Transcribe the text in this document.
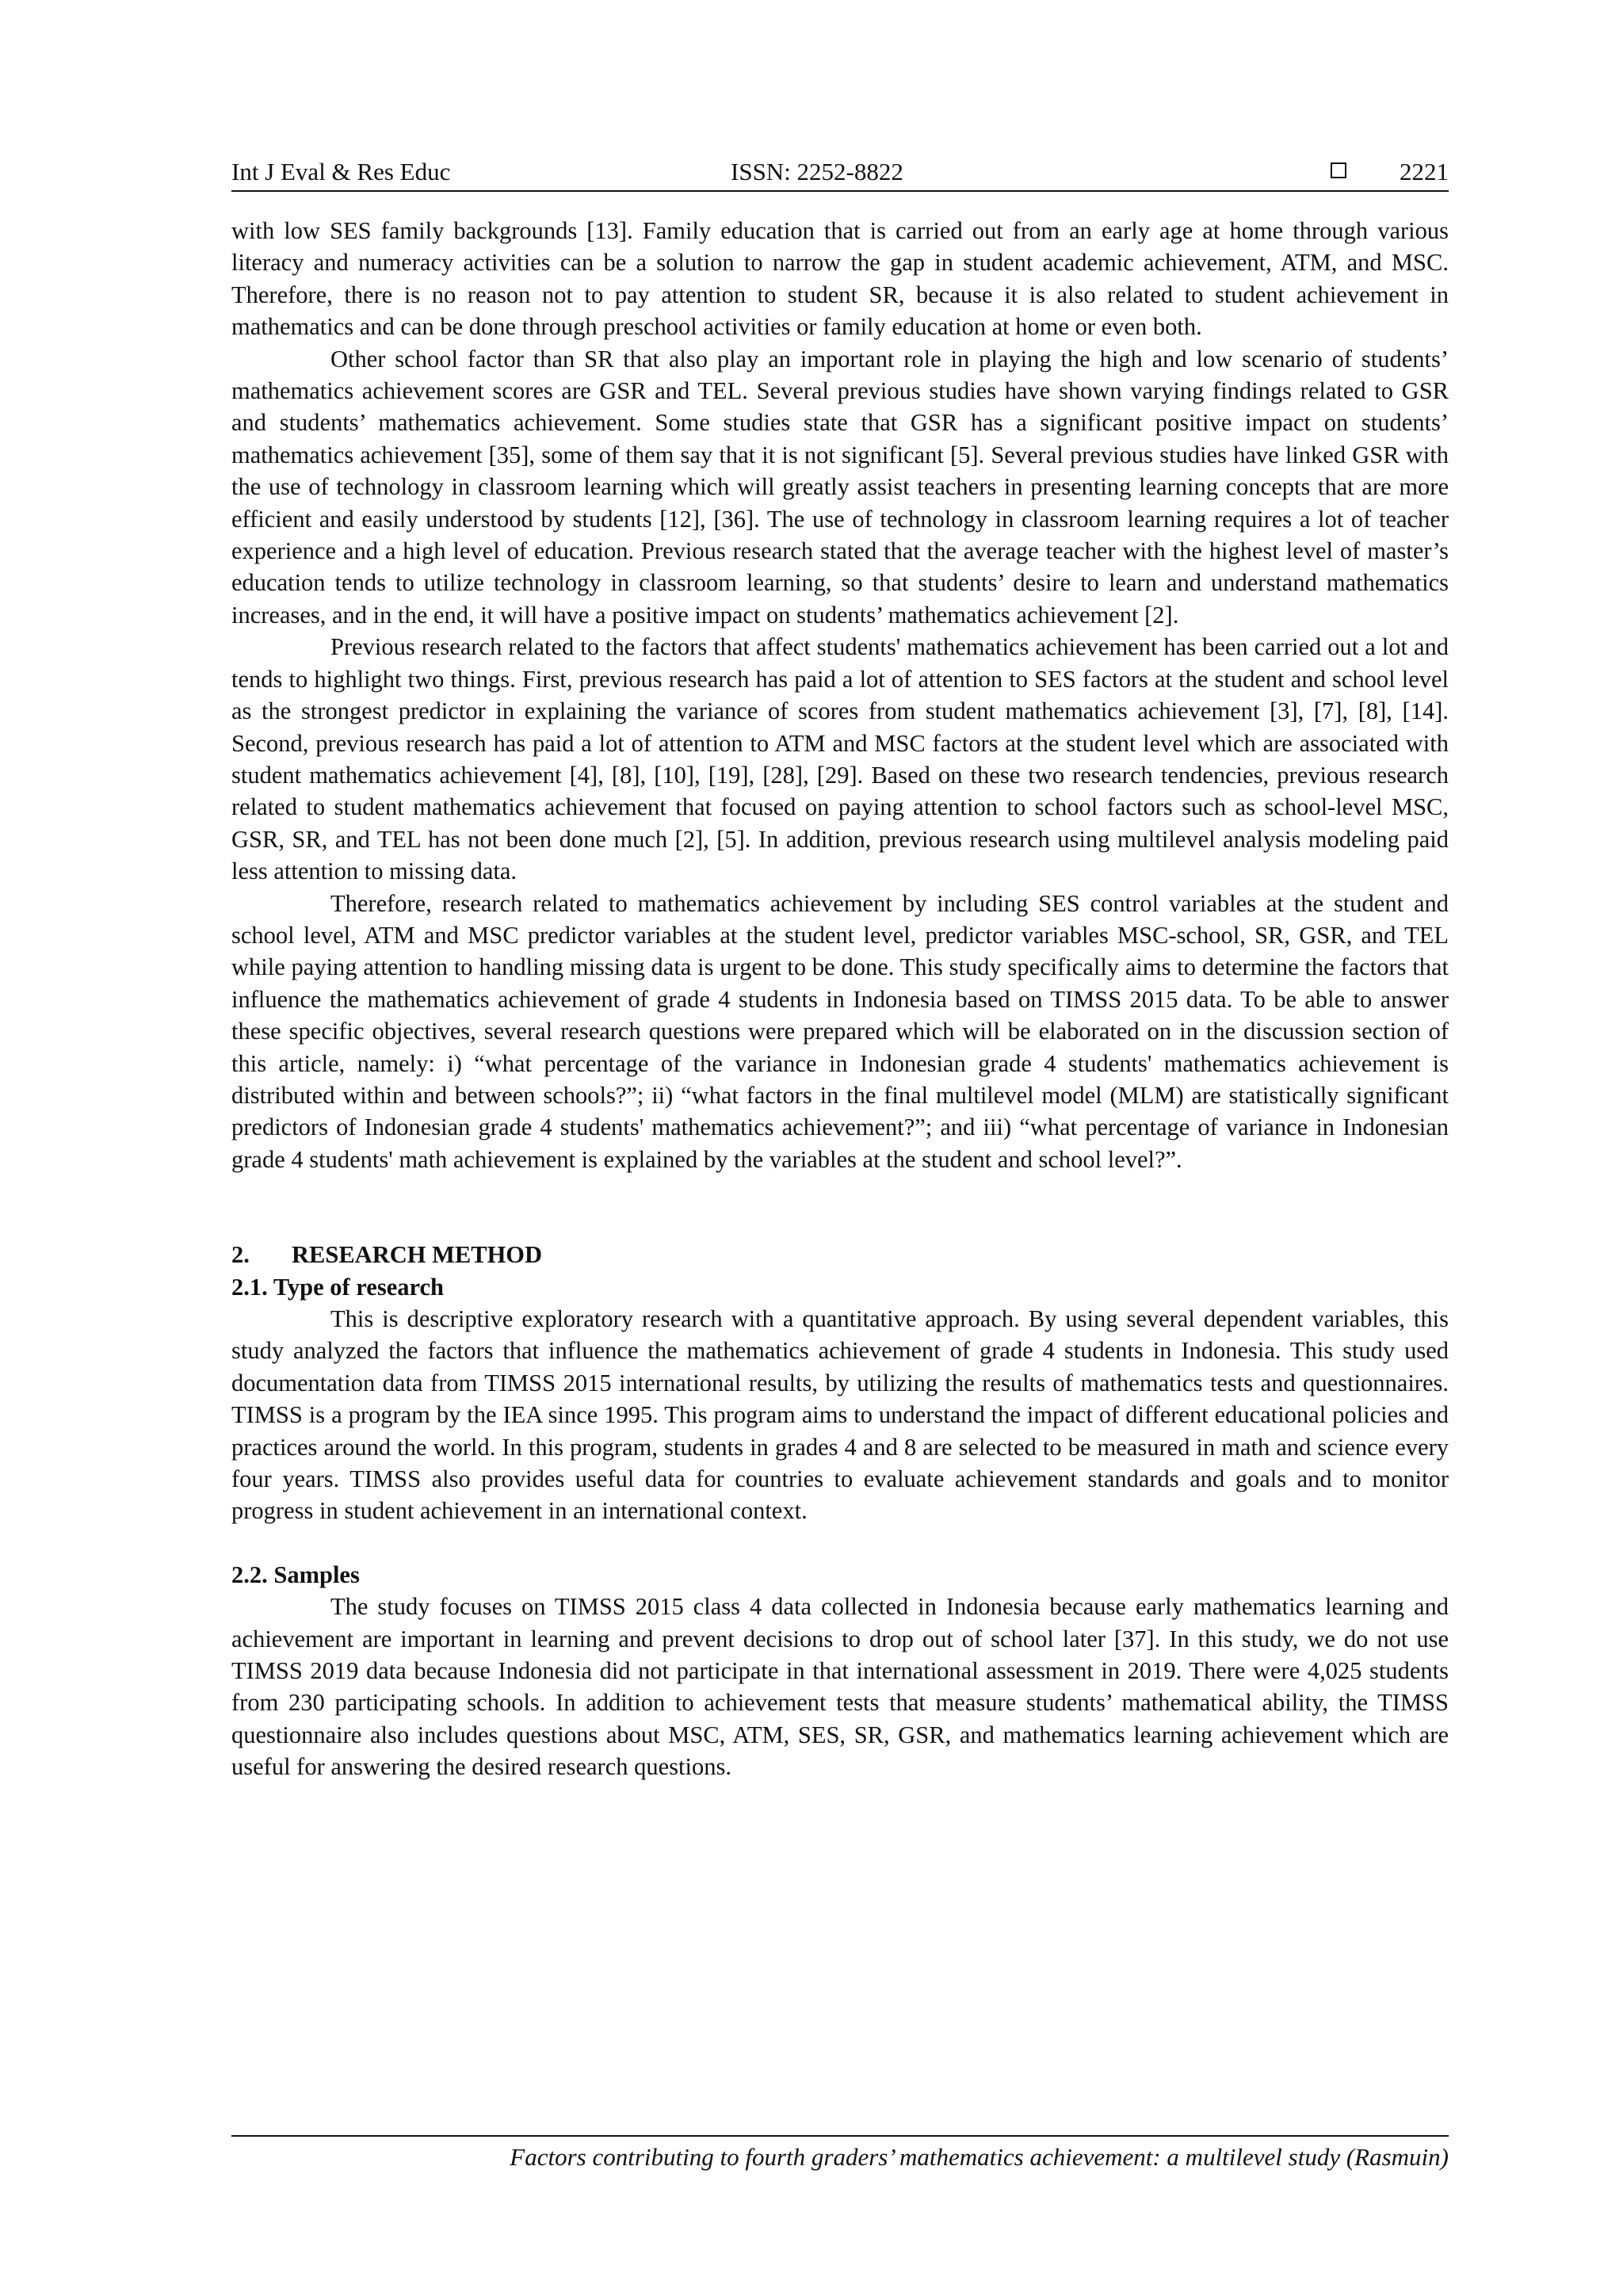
Int J Eval & Res Educ	ISSN: 2252-8822	2221

with low SES family backgrounds [13]. Family education that is carried out from an early age at home through various literacy and numeracy activities can be a solution to narrow the gap in student academic achievement, ATM, and MSC. Therefore, there is no reason not to pay attention to student SR, because it is also related to student achievement in mathematics and can be done through preschool activities or family education at home or even both.

Other school factor than SR that also play an important role in playing the high and low scenario of students’ mathematics achievement scores are GSR and TEL. Several previous studies have shown varying findings related to GSR and students’ mathematics achievement. Some studies state that GSR has a significant positive impact on students’ mathematics achievement [35], some of them say that it is not significant [5]. Several previous studies have linked GSR with the use of technology in classroom learning which will greatly assist teachers in presenting learning concepts that are more efficient and easily understood by students [12], [36]. The use of technology in classroom learning requires a lot of teacher experience and a high level of education. Previous research stated that the average teacher with the highest level of master’s education tends to utilize technology in classroom learning, so that students’ desire to learn and understand mathematics increases, and in the end, it will have a positive impact on students’ mathematics achievement [2].

Previous research related to the factors that affect students' mathematics achievement has been carried out a lot and tends to highlight two things. First, previous research has paid a lot of attention to SES factors at the student and school level as the strongest predictor in explaining the variance of scores from student mathematics achievement [3], [7], [8], [14]. Second, previous research has paid a lot of attention to ATM and MSC factors at the student level which are associated with student mathematics achievement [4], [8], [10], [19], [28], [29]. Based on these two research tendencies, previous research related to student mathematics achievement that focused on paying attention to school factors such as school-level MSC, GSR, SR, and TEL has not been done much [2], [5]. In addition, previous research using multilevel analysis modeling paid less attention to missing data.

Therefore, research related to mathematics achievement by including SES control variables at the student and school level, ATM and MSC predictor variables at the student level, predictor variables MSC-school, SR, GSR, and TEL while paying attention to handling missing data is urgent to be done. This study specifically aims to determine the factors that influence the mathematics achievement of grade 4 students in Indonesia based on TIMSS 2015 data. To be able to answer these specific objectives, several research questions were prepared which will be elaborated on in the discussion section of this article, namely: i) “what percentage of the variance in Indonesian grade 4 students' mathematics achievement is distributed within and between schools?”; ii) “what factors in the final multilevel model (MLM) are statistically significant predictors of Indonesian grade 4 students' mathematics achievement?”; and iii) “what percentage of variance in Indonesian grade 4 students' math achievement is explained by the variables at the student and school level?”.

2. RESEARCH METHOD
2.1. Type of research

This is descriptive exploratory research with a quantitative approach. By using several dependent variables, this study analyzed the factors that influence the mathematics achievement of grade 4 students in Indonesia. This study used documentation data from TIMSS 2015 international results, by utilizing the results of mathematics tests and questionnaires. TIMSS is a program by the IEA since 1995. This program aims to understand the impact of different educational policies and practices around the world. In this program, students in grades 4 and 8 are selected to be measured in math and science every four years. TIMSS also provides useful data for countries to evaluate achievement standards and goals and to monitor progress in student achievement in an international context.

2.2. Samples

The study focuses on TIMSS 2015 class 4 data collected in Indonesia because early mathematics learning and achievement are important in learning and prevent decisions to drop out of school later [37]. In this study, we do not use TIMSS 2019 data because Indonesia did not participate in that international assessment in 2019. There were 4,025 students from 230 participating schools. In addition to achievement tests that measure students’ mathematical ability, the TIMSS questionnaire also includes questions about MSC, ATM, SES, SR, GSR, and mathematics learning achievement which are useful for answering the desired research questions.

Factors contributing to fourth graders’ mathematics achievement: a multilevel study (Rasmuin)
